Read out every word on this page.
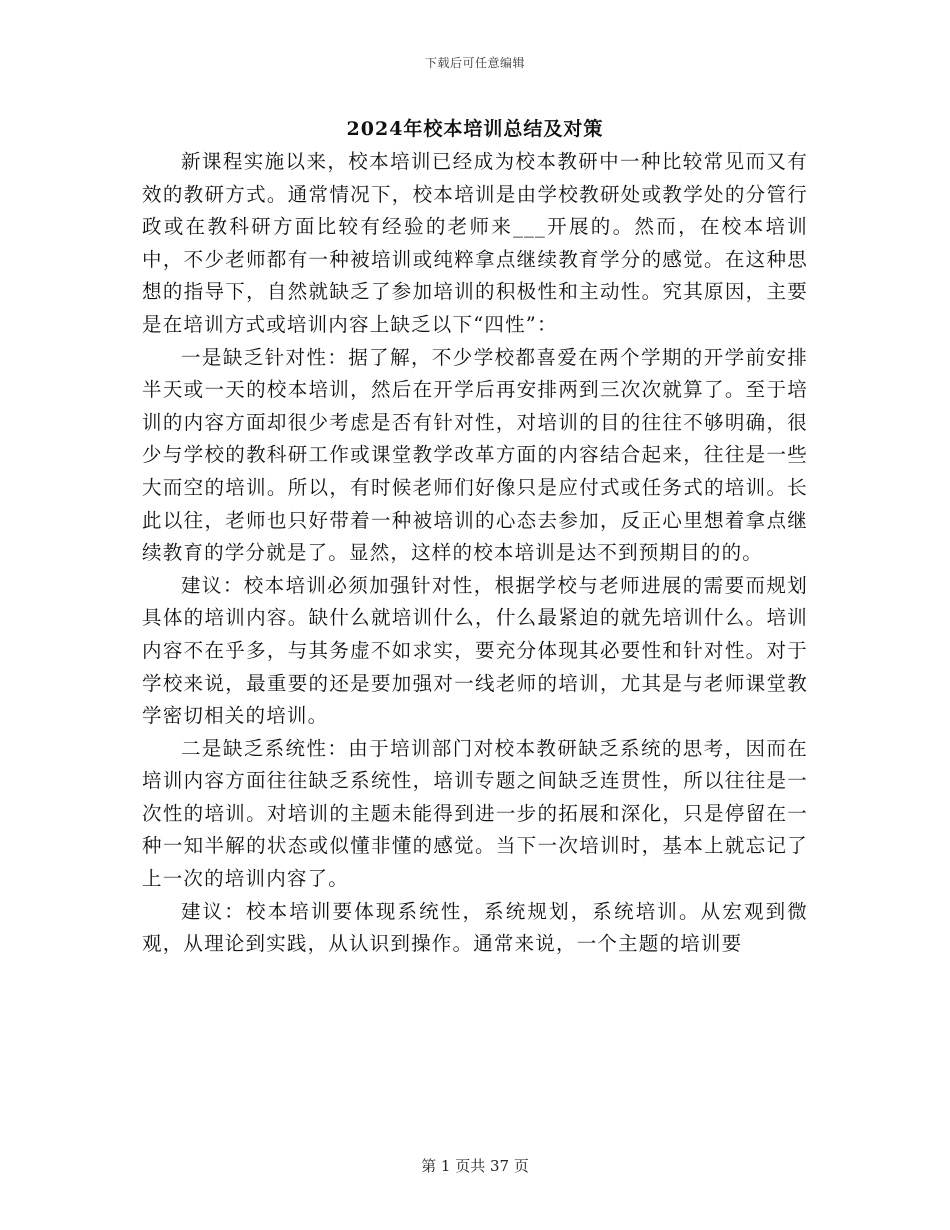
下载后可任意编辑
2024年校本培训总结及对策

新课程实施以来，校本培训已经成为校本教研中一种比较常见而又有效的教研方式。通常情况下，校本培训是由学校教研处或教学处的分管行政或在教科研方面比较有经验的老师来___开展的。然而，在校本培训中，不少老师都有一种被培训或纯粹拿点继续教育学分的感觉。在这种思想的指导下，自然就缺乏了参加培训的积极性和主动性。究其原因，主要是在培训方式或培训内容上缺乏以下“四性”：

一是缺乏针对性：据了解，不少学校都喜爱在两个学期的开学前安排半天或一天的校本培训，然后在开学后再安排两到三次次就算了。至于培训的内容方面却很少考虑是否有针对性，对培训的目的往往不够明确，很少与学校的教科研工作或课堂教学改革方面的内容结合起来，往往是一些大而空的培训。所以，有时候老师们好像只是应付式或任务式的培训。长此以往，老师也只好带着一种被培训的心态去参加，反正心里想着拿点继续教育的学分就是了。显然，这样的校本培训是达不到预期目的的。

建议：校本培训必须加强针对性，根据学校与老师进展的需要而规划具体的培训内容。缺什么就培训什么，什么最紧迫的就先培训什么。培训内容不在乎多，与其务虚不如求实，要充分体现其必要性和针对性。对于学校来说，最重要的还是要加强对一线老师的培训，尤其是与老师课堂教学密切相关的培训。

二是缺乏系统性：由于培训部门对校本教研缺乏系统的思考，因而在培训内容方面往往缺乏系统性，培训专题之间缺乏连贯性，所以往往是一次性的培训。对培训的主题未能得到进一步的拓展和深化，只是停留在一种一知半解的状态或似懂非懂的感觉。当下一次培训时，基本上就忘记了上一次的培训内容了。

建议：校本培训要体现系统性，系统规划，系统培训。从宏观到微观，从理论到实践，从认识到操作。通常来说，一个主题的培训要

第 1 页共 37 页
